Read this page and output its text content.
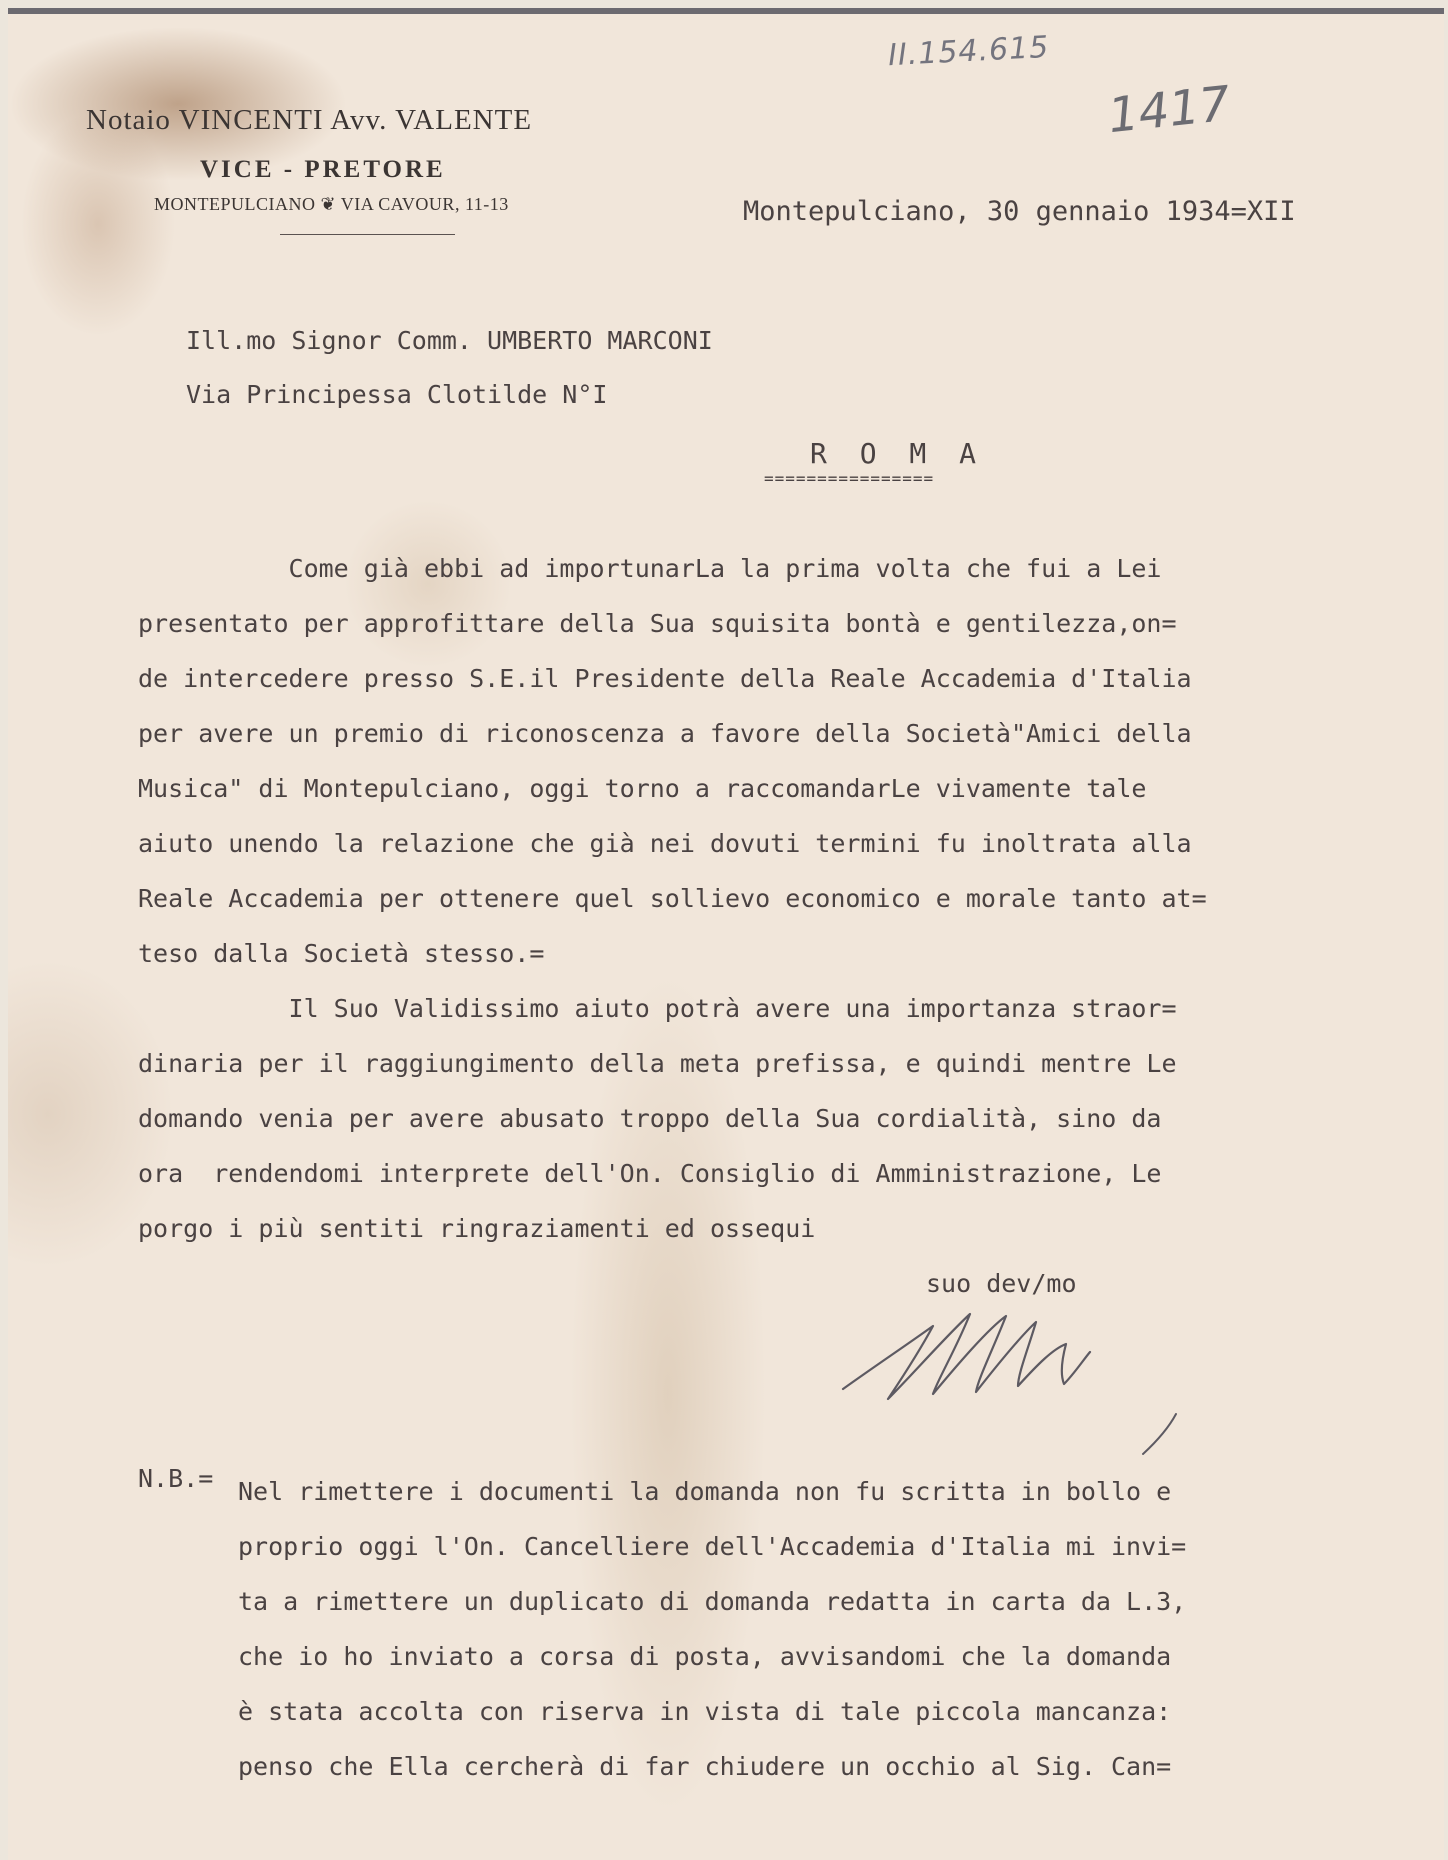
II.154.615
1417
Notaio VINCENTI Avv. VALENTE
VICE - PRETORE
MONTEPULCIANO ❦ VIA CAVOUR, 11-13	Montepulciano, 30 gennaio 1934=XII
Ill.mo Signor Comm. UMBERTO MARCONI
Via Principessa Clotilde N°I
R O M A
================
Come già ebbi ad importunarLa la prima volta che fui a Lei
presentato per approfittare della Sua squisita bontà e gentilezza,on=
de intercedere presso S.E.il Presidente della Reale Accademia d'Italia
per avere un premio di riconoscenza a favore della Società"Amici della
Musica" di Montepulciano, oggi torno a raccomandarLe vivamente tale
aiuto unendo la relazione che già nei dovuti termini fu inoltrata alla
Reale Accademia per ottenere quel sollievo economico e morale tanto at=
teso dalla Società stesso.=
Il Suo Validissimo aiuto potrà avere una importanza straor=
dinaria per il raggiungimento della meta prefissa, e quindi mentre Le
domando venia per avere abusato troppo della Sua cordialità, sino da
ora  rendendomi interprete dell'On. Consiglio di Amministrazione, Le
porgo i più sentiti ringraziamenti ed ossequi
suo dev/mo
N.B.= Nel rimettere i documenti la domanda non fu scritta in bollo e
proprio oggi l'On. Cancelliere dell'Accademia d'Italia mi invi=
ta a rimettere un duplicato di domanda redatta in carta da L.3,
che io ho inviato a corsa di posta, avvisandomi che la domanda
è stata accolta con riserva in vista di tale piccola mancanza:
penso che Ella cercherà di far chiudere un occhio al Sig. Can=
